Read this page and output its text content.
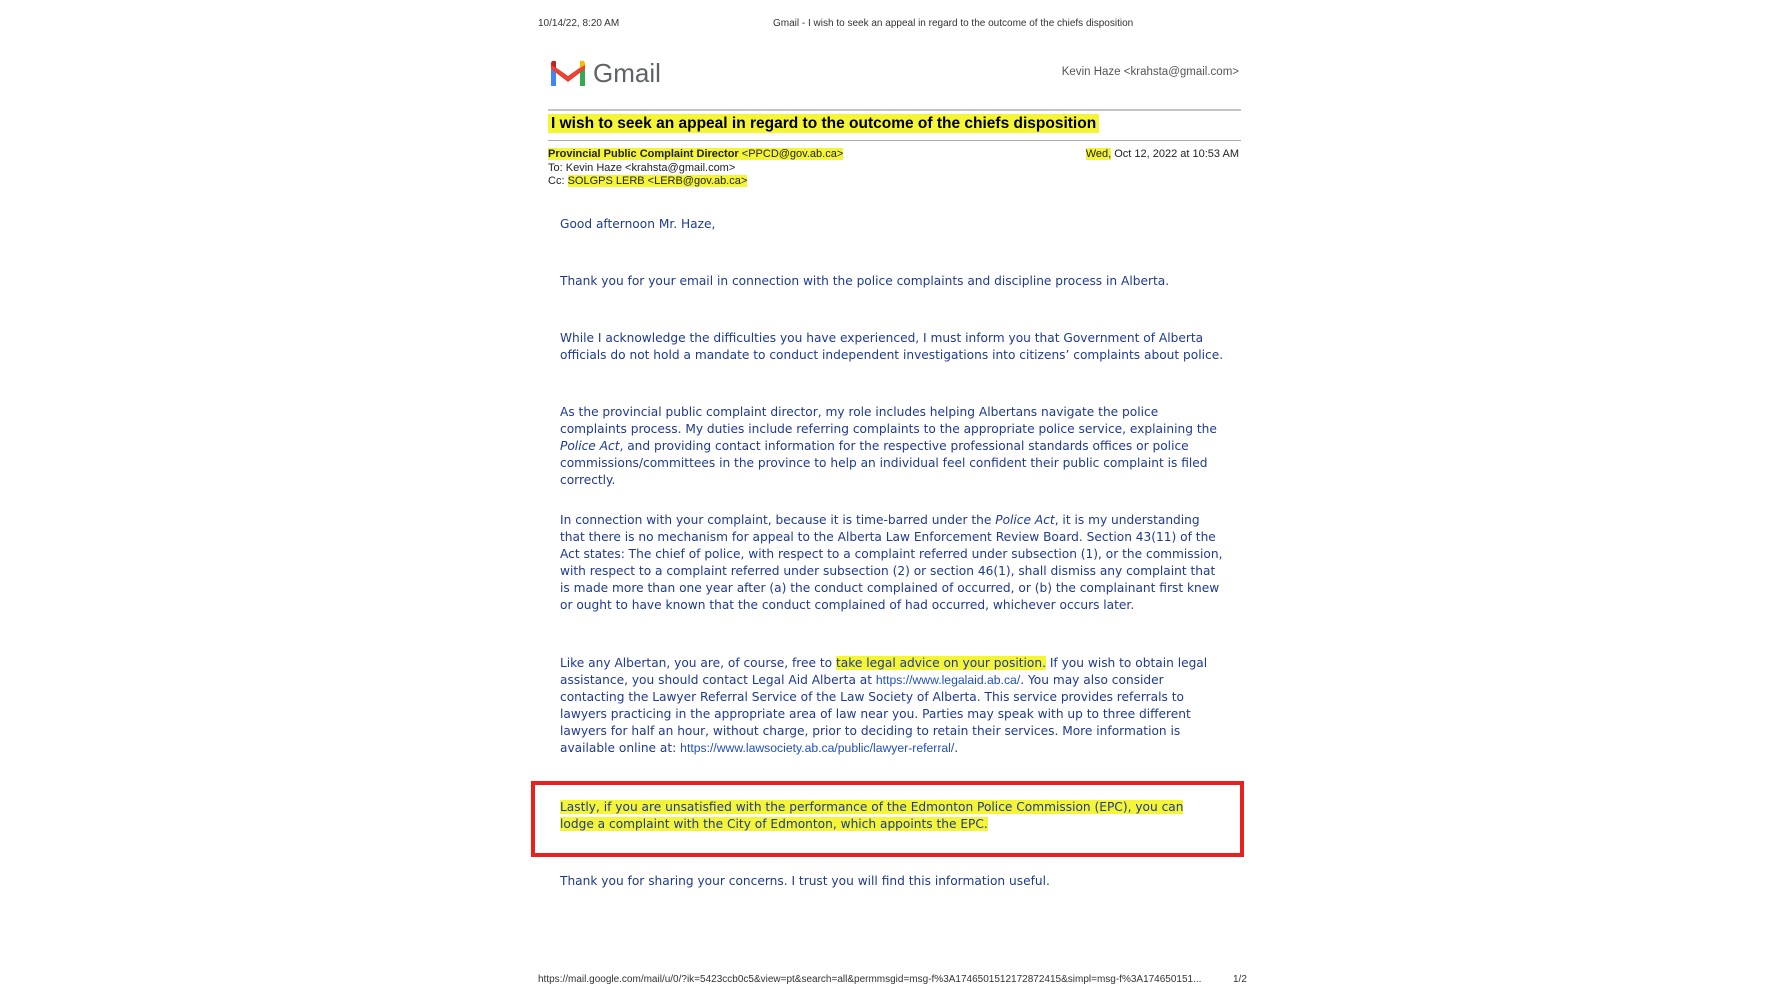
10/14/22, 8:20 AM	Gmail - I wish to seek an appeal in regard to the outcome of the chiefs disposition
Gmail	Kevin Haze <krahsta@gmail.com>
I wish to seek an appeal in regard to the outcome of the chiefs disposition
Provincial Public Complaint Director <PPCD@gov.ab.ca>	Wed, Oct 12, 2022 at 10:53 AM
To: Kevin Haze <krahsta@gmail.com>
Cc: SOLGPS LERB <LERB@gov.ab.ca>
Good afternoon Mr. Haze,
Thank you for your email in connection with the police complaints and discipline process in Alberta.
While I acknowledge the difficulties you have experienced, I must inform you that Government of Alberta officials do not hold a mandate to conduct independent investigations into citizens’ complaints about police.
As the provincial public complaint director, my role includes helping Albertans navigate the police complaints process. My duties include referring complaints to the appropriate police service, explaining the Police Act, and providing contact information for the respective professional standards offices or police commissions/committees in the province to help an individual feel confident their public complaint is filed correctly.
In connection with your complaint, because it is time-barred under the Police Act, it is my understanding that there is no mechanism for appeal to the Alberta Law Enforcement Review Board. Section 43(11) of the Act states: The chief of police, with respect to a complaint referred under subsection (1), or the commission, with respect to a complaint referred under subsection (2) or section 46(1), shall dismiss any complaint that is made more than one year after (a) the conduct complained of occurred, or (b) the complainant first knew or ought to have known that the conduct complained of had occurred, whichever occurs later.
Like any Albertan, you are, of course, free to take legal advice on your position. If you wish to obtain legal assistance, you should contact Legal Aid Alberta at https://www.legalaid.ab.ca/. You may also consider contacting the Lawyer Referral Service of the Law Society of Alberta. This service provides referrals to lawyers practicing in the appropriate area of law near you. Parties may speak with up to three different lawyers for half an hour, without charge, prior to deciding to retain their services. More information is available online at: https://www.lawsociety.ab.ca/public/lawyer-referral/.
Lastly, if you are unsatisfied with the performance of the Edmonton Police Commission (EPC), you can lodge a complaint with the City of Edmonton, which appoints the EPC.
Thank you for sharing your concerns. I trust you will find this information useful.
https://mail.google.com/mail/u/0/?ik=5423ccb0c5&view=pt&search=all&permmsgid=msg-f%3A1746501512172872415&simpl=msg-f%3A174650151...	1/2
